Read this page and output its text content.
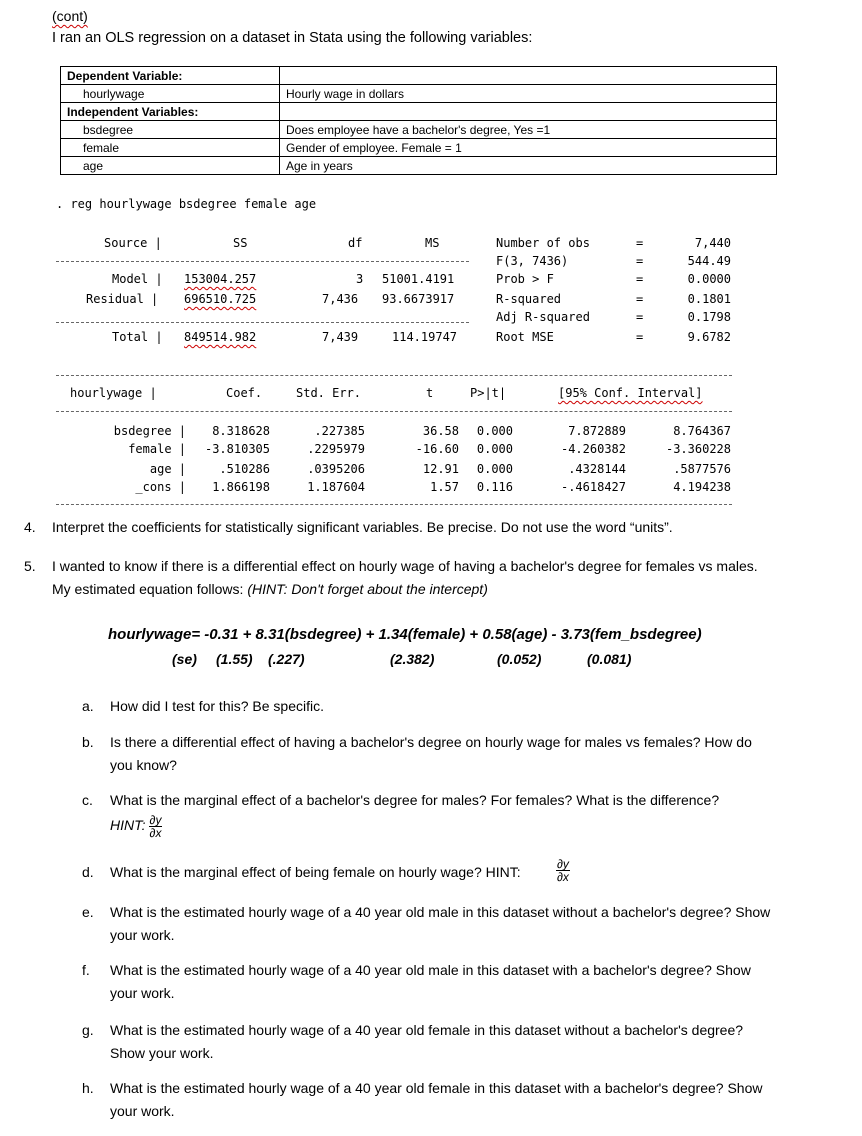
(cont)
I ran an OLS regression on a dataset in Stata using the following variables:
Dependent Variable:	
hourlywage	Hourly wage in dollars
Independent Variables:	
bsdegree	Does employee have a bachelor's degree, Yes =1
female	Gender of employee. Female = 1
age	Age in years
. reg hourlywage bsdegree female age
Source |	SS	df	MS
Model | 153004.257	3 51001.4191
Residual | 696510.725	7,436 93.6673917
Total | 849514.982	7,439	114.19747
Number of obs	=	7,440
F(3, 7436)	=	544.49
Prob > F	=	0.0000
R-squared	=	0.1801
Adj R-squared	=	0.1798
Root MSE	=	9.6782
hourlywage |	Coef.	Std. Err.	t	P>|t|	[95% Conf. Interval]
bsdegree | 8.318628	.227385	36.58 0.000	7.872889	8.764367
female | -3.810305	.2295979	-16.60 0.000	-4.260382	-3.360228
age |	.510286	.0395206	12.91 0.000	.4328144	.5877576
_cons | 1.866198	1.187604	1.57 0.116	-.4618427	4.194238
4. Interpret the coefficients for statistically significant variables. Be precise. Do not use the word “units”.
5. I wanted to know if there is a differential effect on hourly wage of having a bachelor's degree for females vs males.
My estimated equation follows: (HINT: Don't forget about the intercept)
hourlywage= -0.31 + 8.31(bsdegree) + 1.34(female) + 0.58(age) - 3.73(fem_bsdegree)
(se) (1.55) (.227)	(2.382)	(0.052)	(0.081)
a. How did I test for this? Be specific.
b. Is there a differential effect of having a bachelor's degree on hourly wage for males vs females? How do
you know?
c. What is the marginal effect of a bachelor's degree for males? For females? What is the difference?
HINT: $\frac{\partial y}{\partial x}$
d. What is the marginal effect of being female on hourly wage? HINT:	$\frac{\partial y}{\partial x}$
e. What is the estimated hourly wage of a 40 year old male in this dataset without a bachelor's degree? Show
your work.
f. What is the estimated hourly wage of a 40 year old male in this dataset with a bachelor's degree? Show
your work.
g. What is the estimated hourly wage of a 40 year old female in this dataset without a bachelor's degree?
Show your work.
h. What is the estimated hourly wage of a 40 year old female in this dataset with a bachelor's degree? Show
your work.
